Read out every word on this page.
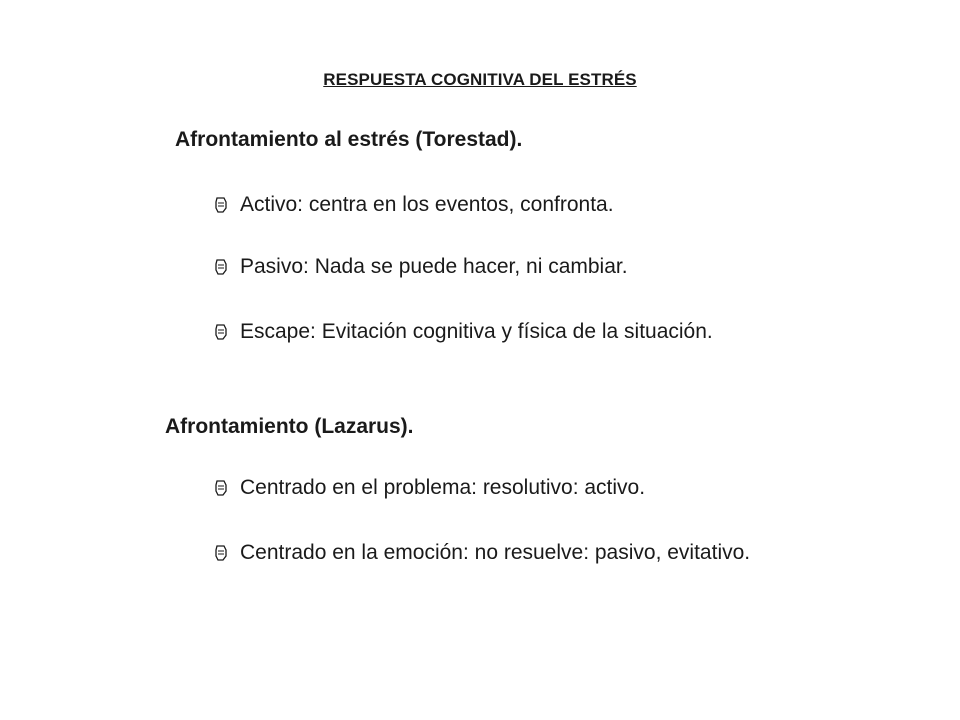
RESPUESTA COGNITIVA DEL ESTRÉS
Afrontamiento al estrés (Torestad).
Activo: centra en los eventos, confronta.
Pasivo: Nada se puede hacer, ni cambiar.
Escape: Evitación cognitiva y física de la situación.
Afrontamiento (Lazarus).
Centrado en el problema: resolutivo: activo.
Centrado en la emoción: no resuelve: pasivo, evitativo.
